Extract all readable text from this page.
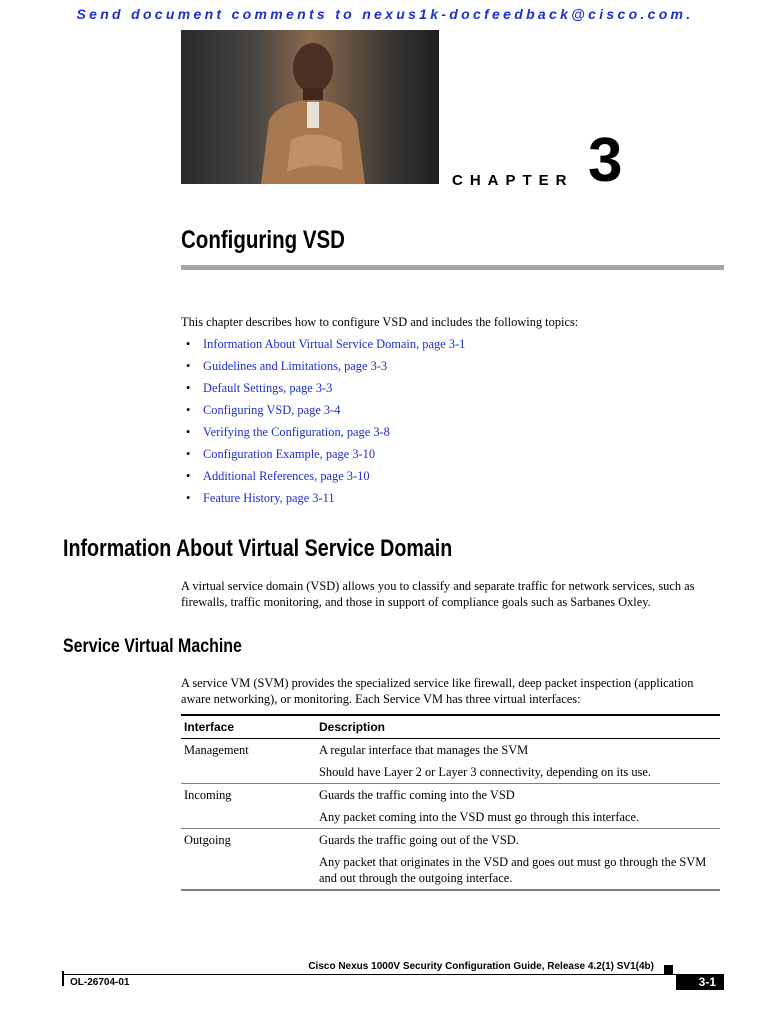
Send document comments to nexus1k-docfeedback@cisco.com.
CHAPTER 3
Configuring VSD
This chapter describes how to configure VSD and includes the following topics:
• Information About Virtual Service Domain, page 3-1
• Guidelines and Limitations, page 3-3
• Default Settings, page 3-3
• Configuring VSD, page 3-4
• Verifying the Configuration, page 3-8
• Configuration Example, page 3-10
• Additional References, page 3-10
• Feature History, page 3-11
Information About Virtual Service Domain
A virtual service domain (VSD) allows you to classify and separate traffic for network services, such as firewalls, traffic monitoring, and those in support of compliance goals such as Sarbanes Oxley.
Service Virtual Machine
A service VM (SVM) provides the specialized service like firewall, deep packet inspection (application aware networking), or monitoring. Each Service VM has three virtual interfaces:
Interface	Description
Management	A regular interface that manages the SVM

Should have Layer 2 or Layer 3 connectivity, depending on its use.

Incoming	Guards the traffic coming into the VSD

Any packet coming into the VSD must go through this interface.

Outgoing	Guards the traffic going out of the VSD.

Any packet that originates in the VSD and goes out must go through the SVM and out through the outgoing interface.

Cisco Nexus 1000V Security Configuration Guide, Release 4.2(1) SV1(4b)
OL-26704-01	3-1
